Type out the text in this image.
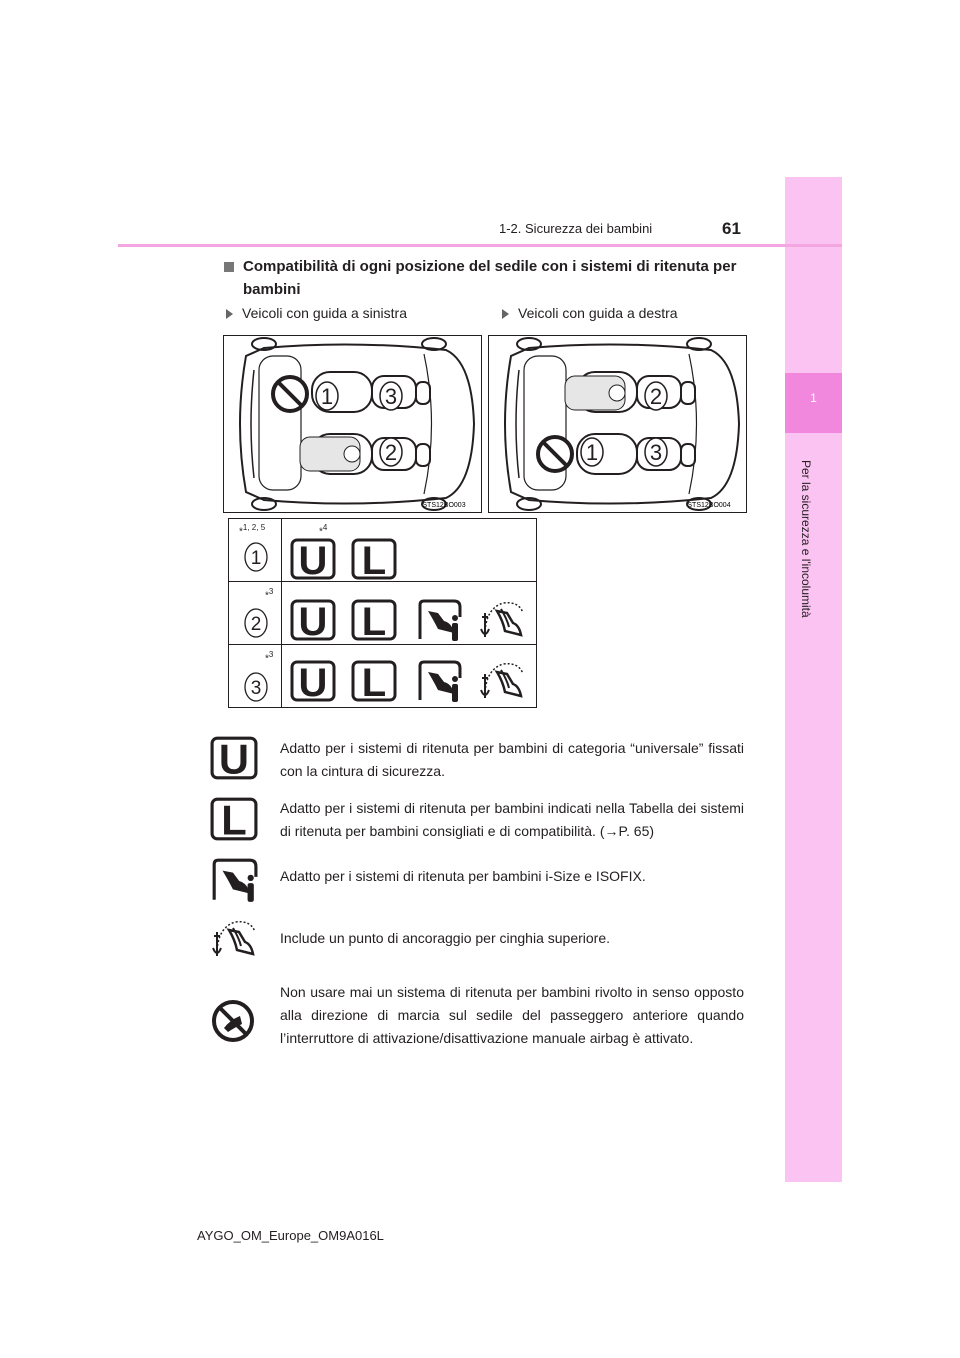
1
Per la sicurezza e l'incolumità
1-2. Sicurezza dei bambini	61
Compatibilità di ogni posizione del sedile con i sistemi di ritenuta per bambini
Veicoli con guida a sinistra	Veicoli con guida a destra
1 3
2
STS12BO003
2
1 3
STS12BO004
*$^{1, 2, 5}$	*$^4$
1 U L
*$^3$
2 U L
*$^3$
3 U L
U Adatto per i sistemi di ritenuta per bambini di categoria “universale” fissati con la cintura di sicurezza.
L Adatto per i sistemi di ritenuta per bambini indicati nella Tabella dei sistemi di ritenuta per bambini consigliati e di compatibilità. (→P. 65)
Adatto per i sistemi di ritenuta per bambini i-Size e ISOFIX.
Include un punto di ancoraggio per cinghia superiore.
Non usare mai un sistema di ritenuta per bambini rivolto in senso opposto alla direzione di marcia sul sedile del passeggero anteriore quando l’interruttore di attivazione/disattivazione manuale airbag è attivato.
AYGO_OM_Europe_OM9A016L
